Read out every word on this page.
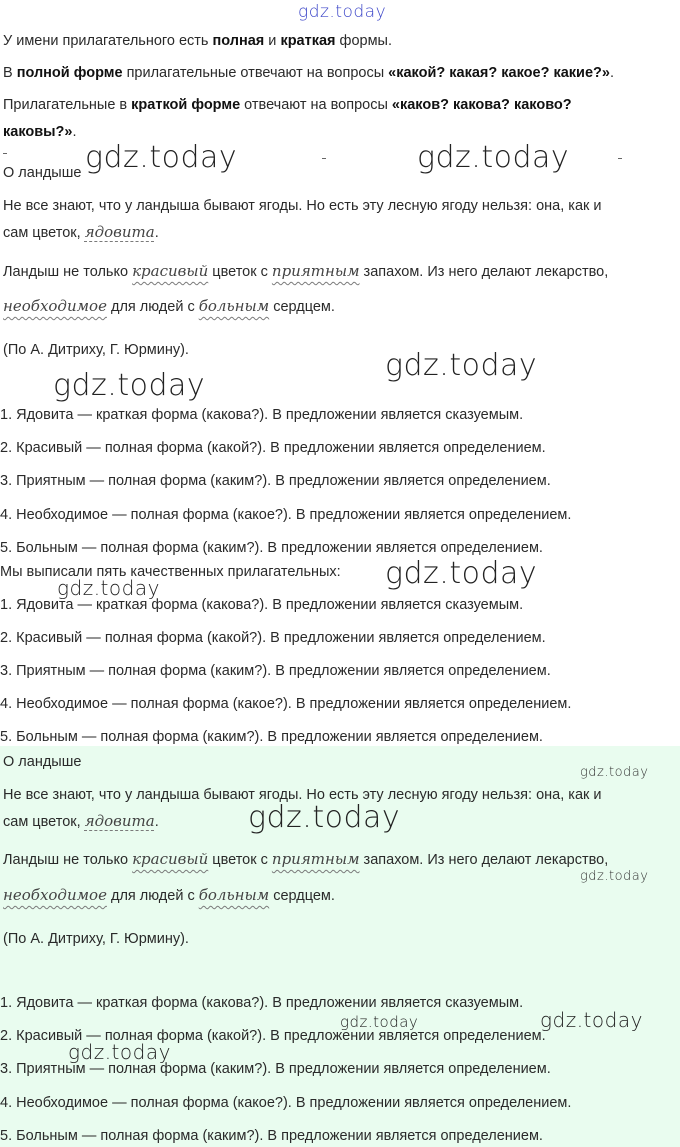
gdz.today
У имени прилагательного есть полная и краткая формы.
В полной форме прилагательные отвечают на вопросы «какой? какая? какое? какие?».
Прилагательные в краткой форме отвечают на вопросы «каков? какова? каково?
каковы?».
О ландыше gdz.today	gdz.today
Не все знают, что у ландыша бывают ягоды. Но есть эту лесную ягоду нельзя: она, как и
сам цветок, ядовита.
Ландыш не только красивый цветок с приятным запахом. Из него делают лекарство,
необходимое для людей с больным сердцем.
(По А. Дитриху, Г. Юрмину).	gdz.today
gdz.today
1. Ядовита — краткая форма (какова?). В предложении является сказуемым.
2. Красивый — полная форма (какой?). В предложении является определением.
3. Приятным — полная форма (каким?). В предложении является определением.
4. Необходимое — полная форма (какое?). В предложении является определением.
5. Больным — полная форма (каким?). В предложении является определением.
Мы выписали пять качественных прилагательных: gdz.today
gdz.today
1. Ядовита — краткая форма (какова?). В предложении является сказуемым.
2. Красивый — полная форма (какой?). В предложении является определением.
3. Приятным — полная форма (каким?). В предложении является определением.
4. Необходимое — полная форма (какое?). В предложении является определением.
5. Больным — полная форма (каким?). В предложении является определением.
О ландыше
gdz.today
Не все знают, что у ландыша бывают ягоды. Но есть эту лесную ягоду нельзя: она, как и
сам цветок, ядовита.	gdz.today
Ландыш не только красивый цветок с приятным запахом. Из него делают лекарство,
gdz.today
необходимое для людей с больным сердцем.
(По А. Дитриху, Г. Юрмину).
1. Ядовита — краткая форма (какова?). В предложении является сказуемым.
2. Красивый — полная форма (какой?). В предложении является определением.
gdz.today	gdz.today
gdz.today
3. Приятным — полная форма (каким?). В предложении является определением.
4. Необходимое — полная форма (какое?). В предложении является определением.
5. Больным — полная форма (каким?). В предложении является определением.
